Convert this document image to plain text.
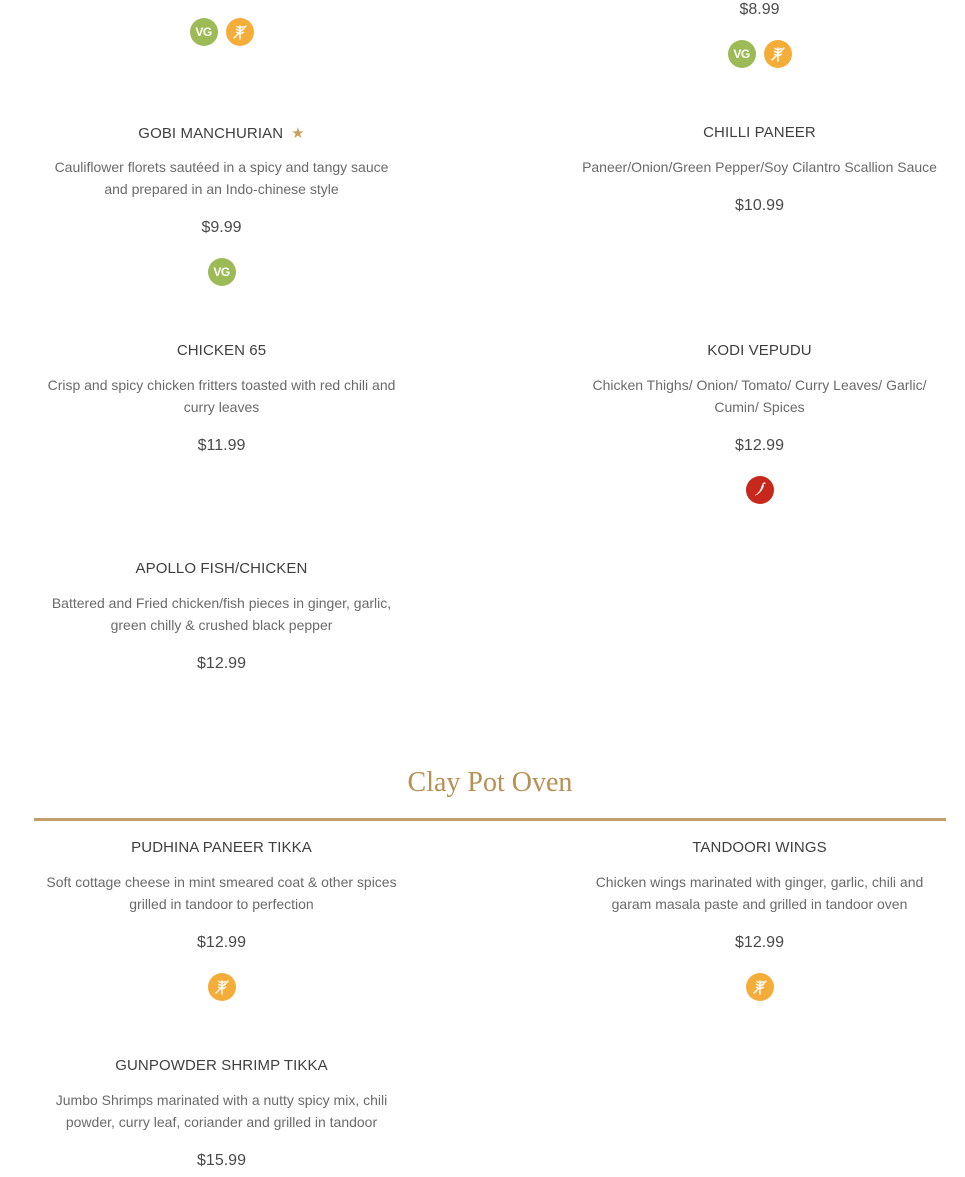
VG
$8.99
VG
GOBI MANCHURIAN ★
Cauliflower florets sautéed in a spicy and tangy sauce and prepared in an Indo-chinese style
$9.99
VG
CHILLI PANEER
Paneer/Onion/Green Pepper/Soy Cilantro Scallion Sauce
$10.99
CHICKEN 65
Crisp and spicy chicken fritters toasted with red chili and curry leaves
$11.99
KODI VEPUDU
Chicken Thighs/ Onion/ Tomato/ Curry Leaves/ Garlic/ Cumin/ Spices
$12.99
APOLLO FISH/CHICKEN
Battered and Fried chicken/fish pieces in ginger, garlic, green chilly & crushed black pepper
$12.99
Clay Pot Oven
PUDHINA PANEER TIKKA
Soft cottage cheese in mint smeared coat & other spices grilled in tandoor to perfection
$12.99
TANDOORI WINGS
Chicken wings marinated with ginger, garlic, chili and garam masala paste and grilled in tandoor oven
$12.99
GUNPOWDER SHRIMP TIKKA
Jumbo Shrimps marinated with a nutty spicy mix, chili powder, curry leaf, coriander and grilled in tandoor
$15.99
